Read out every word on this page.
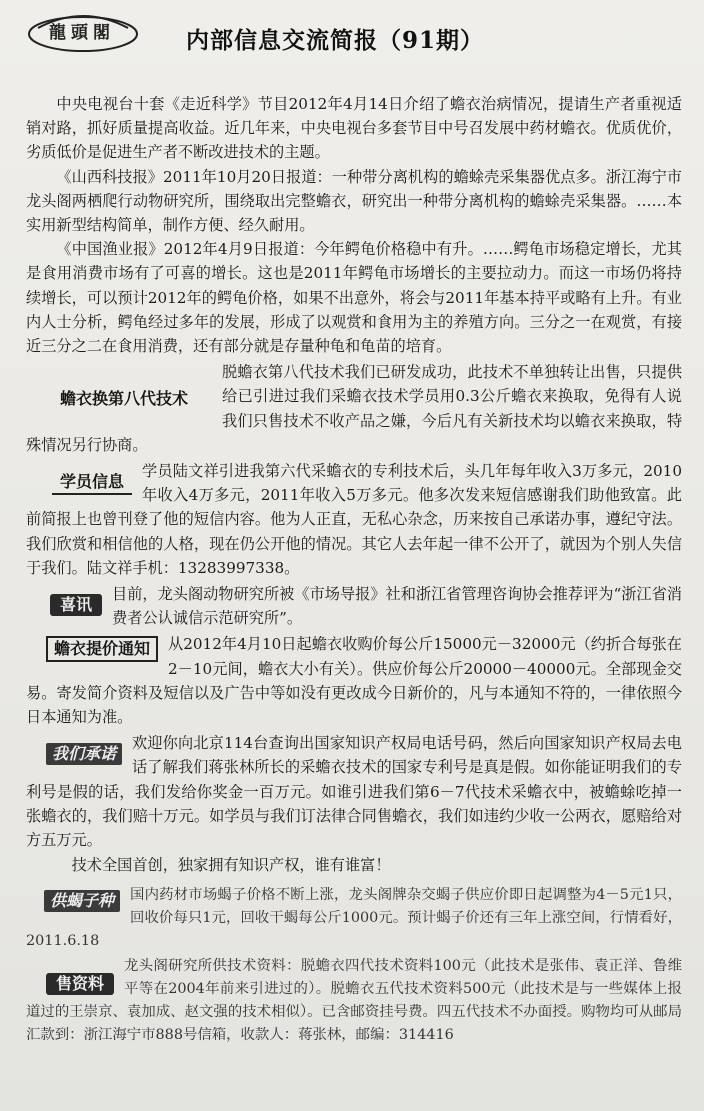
龍頭閣	内部信息交流简报（91期）

中央电视台十套《走近科学》节目2012年4月14日介绍了蟾衣治病情况，提请生产者重视适销对路，抓好质量提高收益。近几年来，中央电视台多套节目中号召发展中药材蟾衣。优质优价，劣质低价是促进生产者不断改进技术的主题。

《山西科技报》2011年10月20日报道：一种带分离机构的蟾蜍壳采集器优点多。浙江海宁市龙头阁两栖爬行动物研究所，围绕取出完整蟾衣，研究出一种带分离机构的蟾蜍壳采集器。……本实用新型结构简单，制作方便、经久耐用。

《中国渔业报》2012年4月9日报道：今年鳄龟价格稳中有升。……鳄龟市场稳定增长，尤其是食用消费市场有了可喜的增长。这也是2011年鳄龟市场增长的主要拉动力。而这一市场仍将持续增长，可以预计2012年的鳄龟价格，如果不出意外，将会与2011年基本持平或略有上升。有业内人士分析，鳄龟经过多年的发展，形成了以观赏和食用为主的养殖方向。三分之一在观赏，有接近三分之二在食用消费，还有部分就是存量种龟和龟苗的培育。

蟾衣换第八代技术

脱蟾衣第八代技术我们已研发成功，此技术不单独转让出售，只提供给已引进过我们采蟾衣技术学员用0.3公斤蟾衣来换取，免得有人说我们只售技术不收产品之嫌，今后凡有关新技术均以蟾衣来换取，特殊情况另行协商。

学员信息

学员陆文祥引进我第六代采蟾衣的专利技术后，头几年每年收入3万多元，2010年收入4万多元，2011年收入5万多元。他多次发来短信感谢我们助他致富。此前简报上也曾刊登了他的短信内容。他为人正直，无私心杂念，历来按自己承诺办事，遵纪守法。我们欣赏和相信他的人格，现在仍公开他的情况。其它人去年起一律不公开了，就因为个别人失信于我们。陆文祥手机：13283997338。

喜讯

目前，龙头阁动物研究所被《市场导报》社和浙江省管理咨询协会推荐评为“浙江省消费者公认诚信示范研究所”。

蟾衣提价通知	从2012年4月10日起蟾衣收购价每公斤15000元－32000元（约折合每张在2－10元间，蟾衣大小有关）。供应价每公斤20000－40000元。全部现金交易。寄发简介资料及短信以及广告中等如没有更改成今日新价的，凡与本通知不符的，一律依照今日本通知为准。

我们承诺

欢迎你向北京114台查询出国家知识产权局电话号码，然后向国家知识产权局去电话了解我们蒋张林所长的采蟾衣技术的国家专利号是真是假。如你能证明我们的专利号是假的话，我们发给你奖金一百万元。如谁引进我们第6－7代技术采蟾衣中，被蟾蜍吃掉一张蟾衣的，我们赔十万元。如学员与我们订法律合同售蟾衣，我们如违约少收一公两衣，愿赔给对方五万元。

技术全国首创，独家拥有知识产权，谁有谁富！

供蝎子种	国内药材市场蝎子价格不断上涨，龙头阁牌杂交蝎子供应价即日起调整为4－5元1只，回收价每只1元，回收干蝎每公斤1000元。预计蝎子价还有三年上涨空间，行情看好，2011.6.18

售资料

龙头阁研究所供技术资料：脱蟾衣四代技术资料100元（此技术是张伟、袁正洋、鲁维平等在2004年前来引进过的）。脱蟾衣五代技术资料500元（此技术是与一些媒体上报道过的王崇京、袁加成、赵文强的技术相似）。已含邮资挂号费。四五代技术不办面授。购物均可从邮局汇款到：浙江海宁市888号信箱，收款人：蒋张林，邮编：314416
